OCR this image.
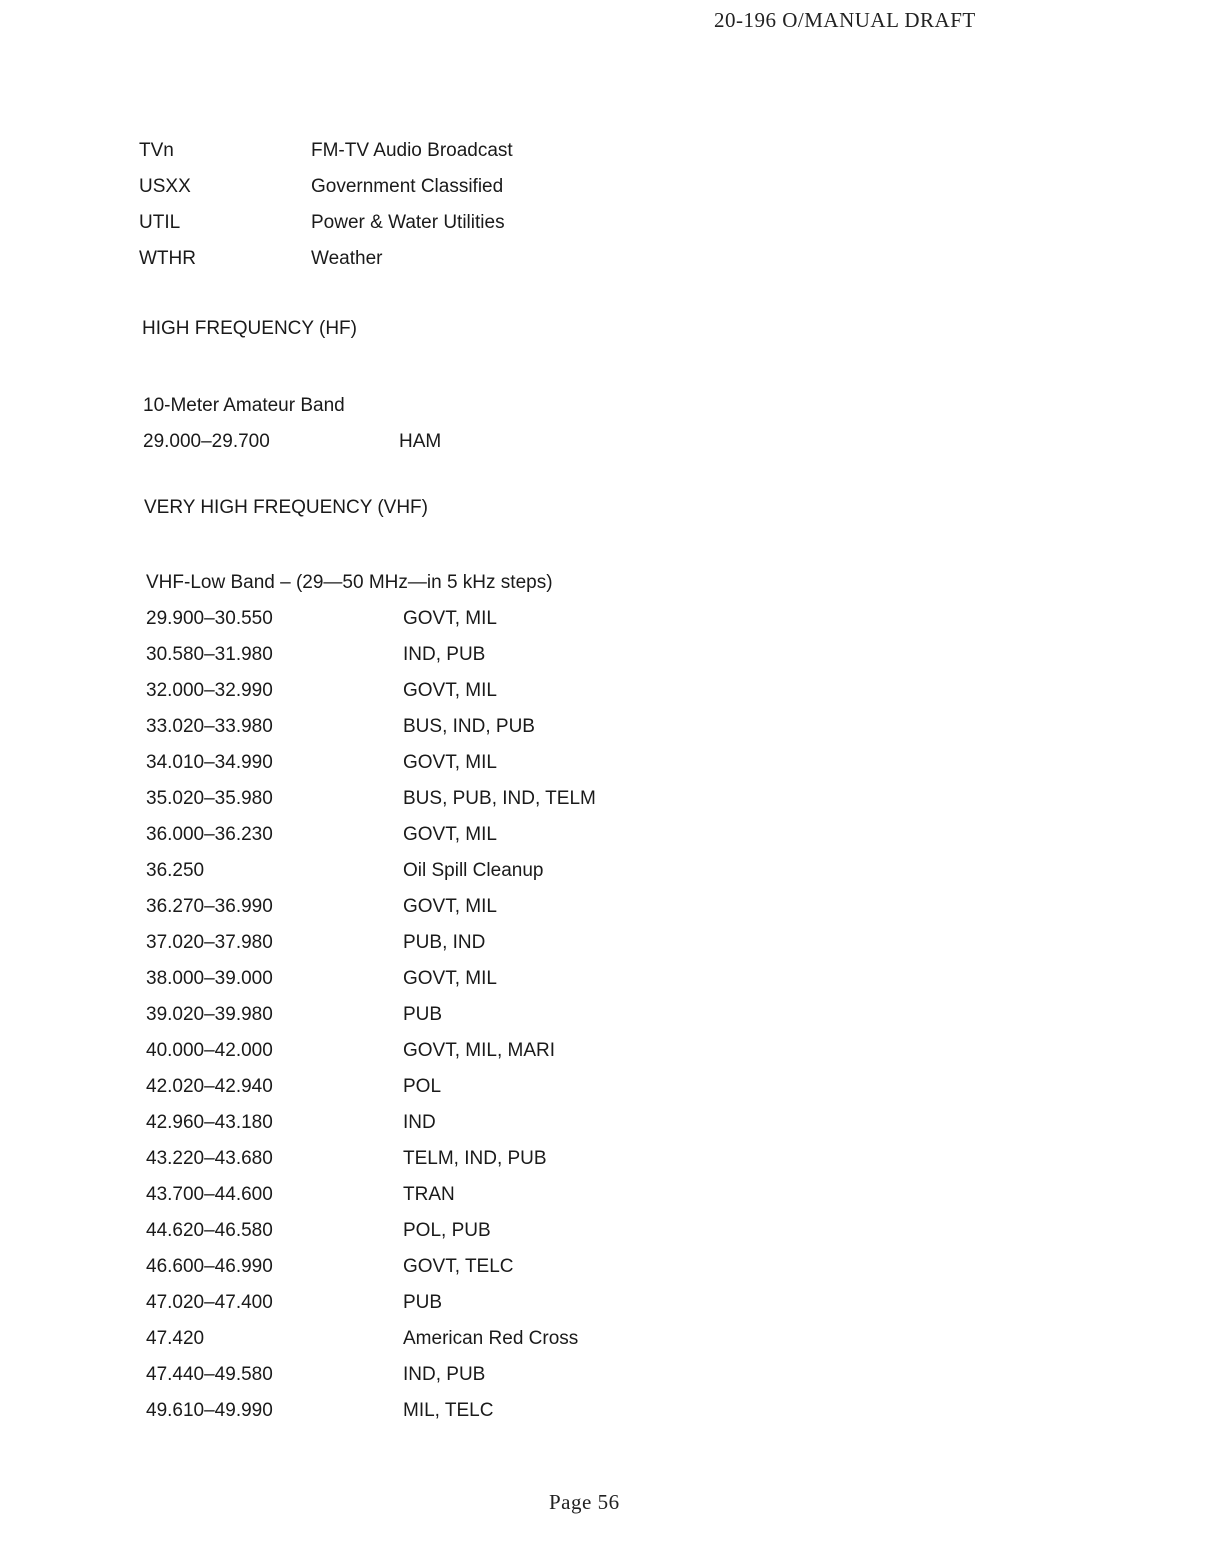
20-196 O/MANUAL DRAFT
TVn	FM-TV Audio Broadcast
USXX	Government Classified
UTIL	Power & Water Utilities
WTHR	Weather
HIGH FREQUENCY (HF)
10-Meter Amateur Band
29.000–29.700	HAM
VERY HIGH FREQUENCY (VHF)
VHF-Low Band – (29—50 MHz—in 5 kHz steps)
29.900–30.550	GOVT, MIL
30.580–31.980	IND, PUB
32.000–32.990	GOVT, MIL
33.020–33.980	BUS, IND, PUB
34.010–34.990	GOVT, MIL
35.020–35.980	BUS, PUB, IND, TELM
36.000–36.230	GOVT, MIL
36.250	Oil Spill Cleanup
36.270–36.990	GOVT, MIL
37.020–37.980	PUB, IND
38.000–39.000	GOVT, MIL
39.020–39.980	PUB
40.000–42.000	GOVT, MIL, MARI
42.020–42.940	POL
42.960–43.180	IND
43.220–43.680	TELM, IND, PUB
43.700–44.600	TRAN
44.620–46.580	POL, PUB
46.600–46.990	GOVT, TELC
47.020–47.400	PUB
47.420	American Red Cross
47.440–49.580	IND, PUB
49.610–49.990	MIL, TELC
Page 56
